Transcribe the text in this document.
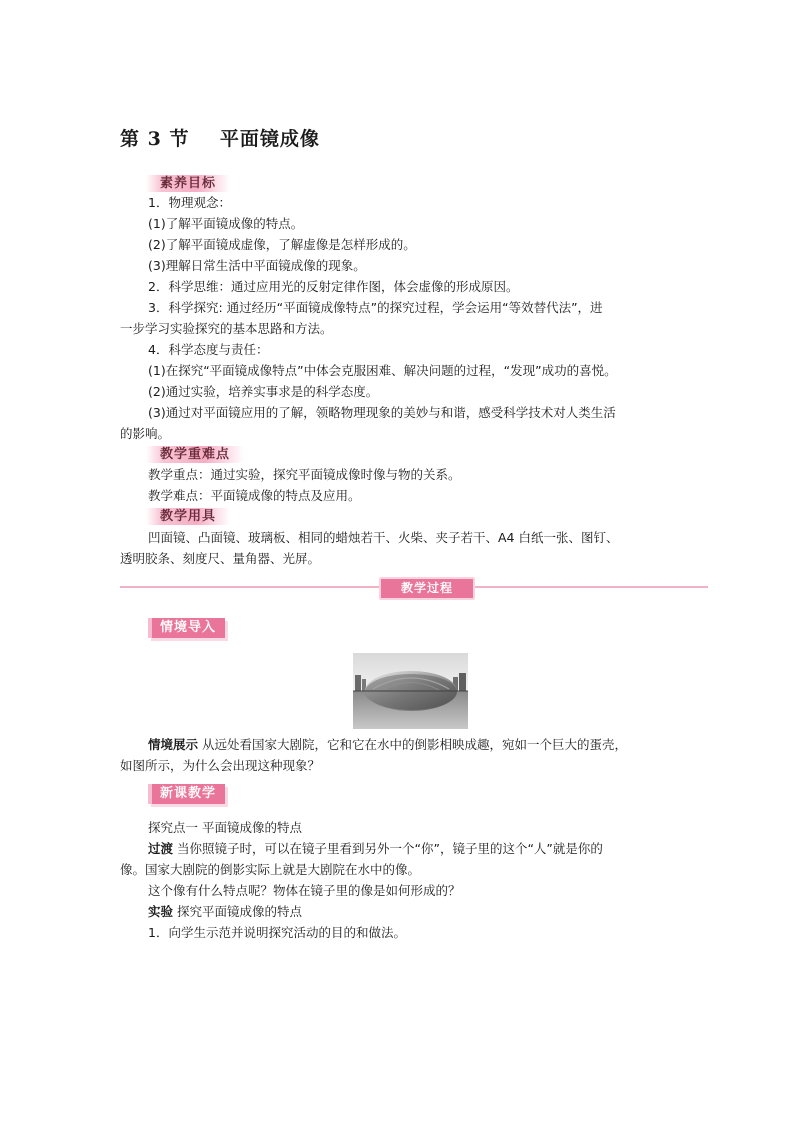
第 3 节    平面镜成像
素养目标
1．物理观念：
(1)了解平面镜成像的特点。
(2)了解平面镜成虚像，了解虚像是怎样形成的。
(3)理解日常生活中平面镜成像的现象。
2．科学思维：通过应用光的反射定律作图，体会虚像的形成原因。
3．科学探究: 通过经历“平面镜成像特点”的探究过程，学会运用“等效替代法”，进
一步学习实验探究的基本思路和方法。
4．科学态度与责任：
(1)在探究“平面镜成像特点”中体会克服困难、解决问题的过程，“发现”成功的喜悦。
(2)通过实验，培养实事求是的科学态度。
(3)通过对平面镜应用的了解，领略物理现象的美妙与和谐，感受科学技术对人类生活
的影响。
教学重难点
教学重点：通过实验，探究平面镜成像时像与物的关系。
教学难点：平面镜成像的特点及应用。
教学用具
凹面镜、凸面镜、玻璃板、相同的蜡烛若干、火柴、夹子若干、A4 白纸一张、图钉、
透明胶条、刻度尺、量角器、光屏。
教学过程
情境导入
情境展示 从远处看国家大剧院，它和它在水中的倒影相映成趣，宛如一个巨大的蛋壳，
如图所示，为什么会出现这种现象？
新课教学
探究点一 平面镜成像的特点
过渡 当你照镜子时，可以在镜子里看到另外一个“你”，镜子里的这个“人”就是你的
像。国家大剧院的倒影实际上就是大剧院在水中的像。
这个像有什么特点呢？物体在镜子里的像是如何形成的？
实验 探究平面镜成像的特点
1．向学生示范并说明探究活动的目的和做法。
